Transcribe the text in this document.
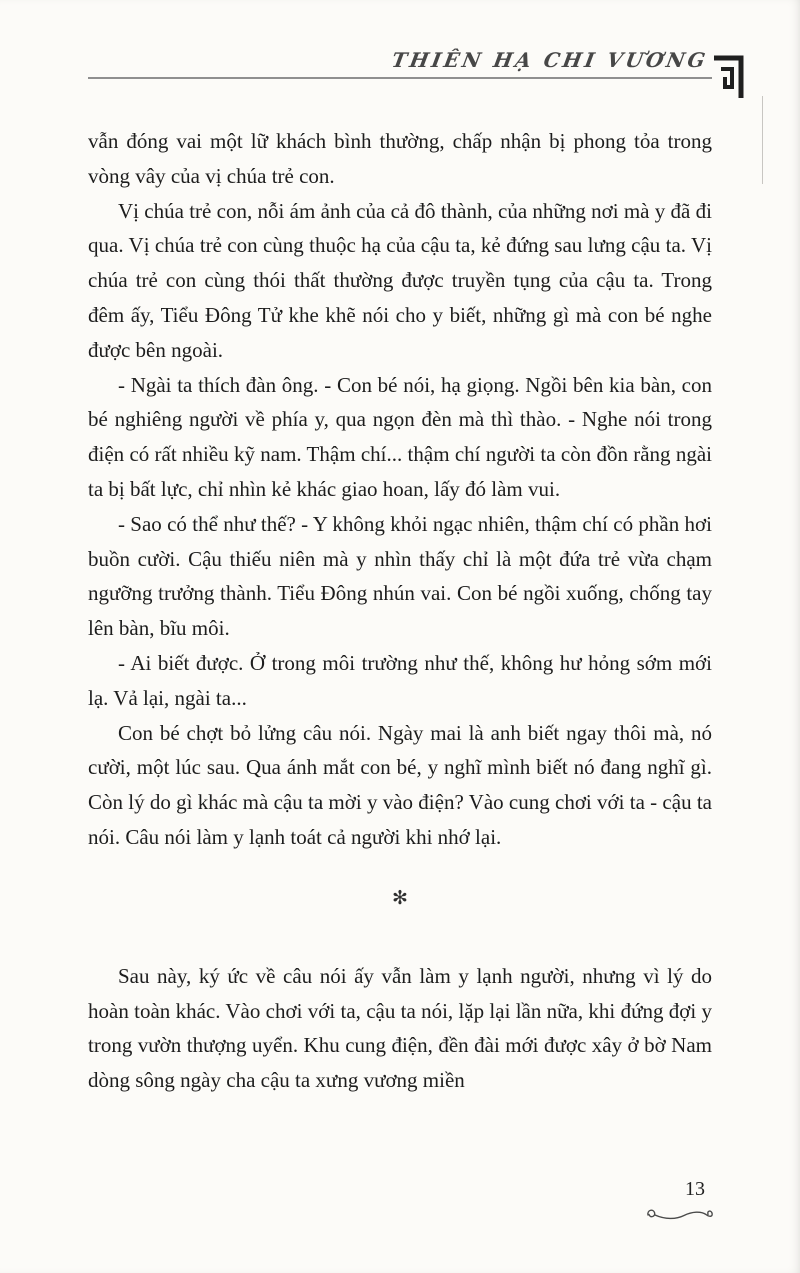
THIÊN HẠ CHI VƯƠNG

vẫn đóng vai một lữ khách bình thường, chấp nhận bị phong tỏa trong vòng vây của vị chúa trẻ con.

Vị chúa trẻ con, nỗi ám ảnh của cả đô thành, của những nơi mà y đã đi qua. Vị chúa trẻ con cùng thuộc hạ của cậu ta, kẻ đứng sau lưng cậu ta. Vị chúa trẻ con cùng thói thất thường được truyền tụng của cậu ta. Trong đêm ấy, Tiểu Đông Tử khe khẽ nói cho y biết, những gì mà con bé nghe được bên ngoài.

- Ngài ta thích đàn ông. - Con bé nói, hạ giọng. Ngồi bên kia bàn, con bé nghiêng người về phía y, qua ngọn đèn mà thì thào. - Nghe nói trong điện có rất nhiều kỹ nam. Thậm chí... thậm chí người ta còn đồn rằng ngài ta bị bất lực, chỉ nhìn kẻ khác giao hoan, lấy đó làm vui.

- Sao có thể như thế? - Y không khỏi ngạc nhiên, thậm chí có phần hơi buồn cười. Cậu thiếu niên mà y nhìn thấy chỉ là một đứa trẻ vừa chạm ngưỡng trưởng thành. Tiểu Đông nhún vai. Con bé ngồi xuống, chống tay lên bàn, bĩu môi.

- Ai biết được. Ở trong môi trường như thế, không hư hỏng sớm mới lạ. Vả lại, ngài ta...

Con bé chợt bỏ lửng câu nói. Ngày mai là anh biết ngay thôi mà, nó cười, một lúc sau. Qua ánh mắt con bé, y nghĩ mình biết nó đang nghĩ gì. Còn lý do gì khác mà cậu ta mời y vào điện? Vào cung chơi với ta - cậu ta nói. Câu nói làm y lạnh toát cả người khi nhớ lại.

✻

Sau này, ký ức về câu nói ấy vẫn làm y lạnh người, nhưng vì lý do hoàn toàn khác. Vào chơi với ta, cậu ta nói, lặp lại lần nữa, khi đứng đợi y trong vườn thượng uyển. Khu cung điện, đền đài mới được xây ở bờ Nam dòng sông ngày cha cậu ta xưng vương miền

13
